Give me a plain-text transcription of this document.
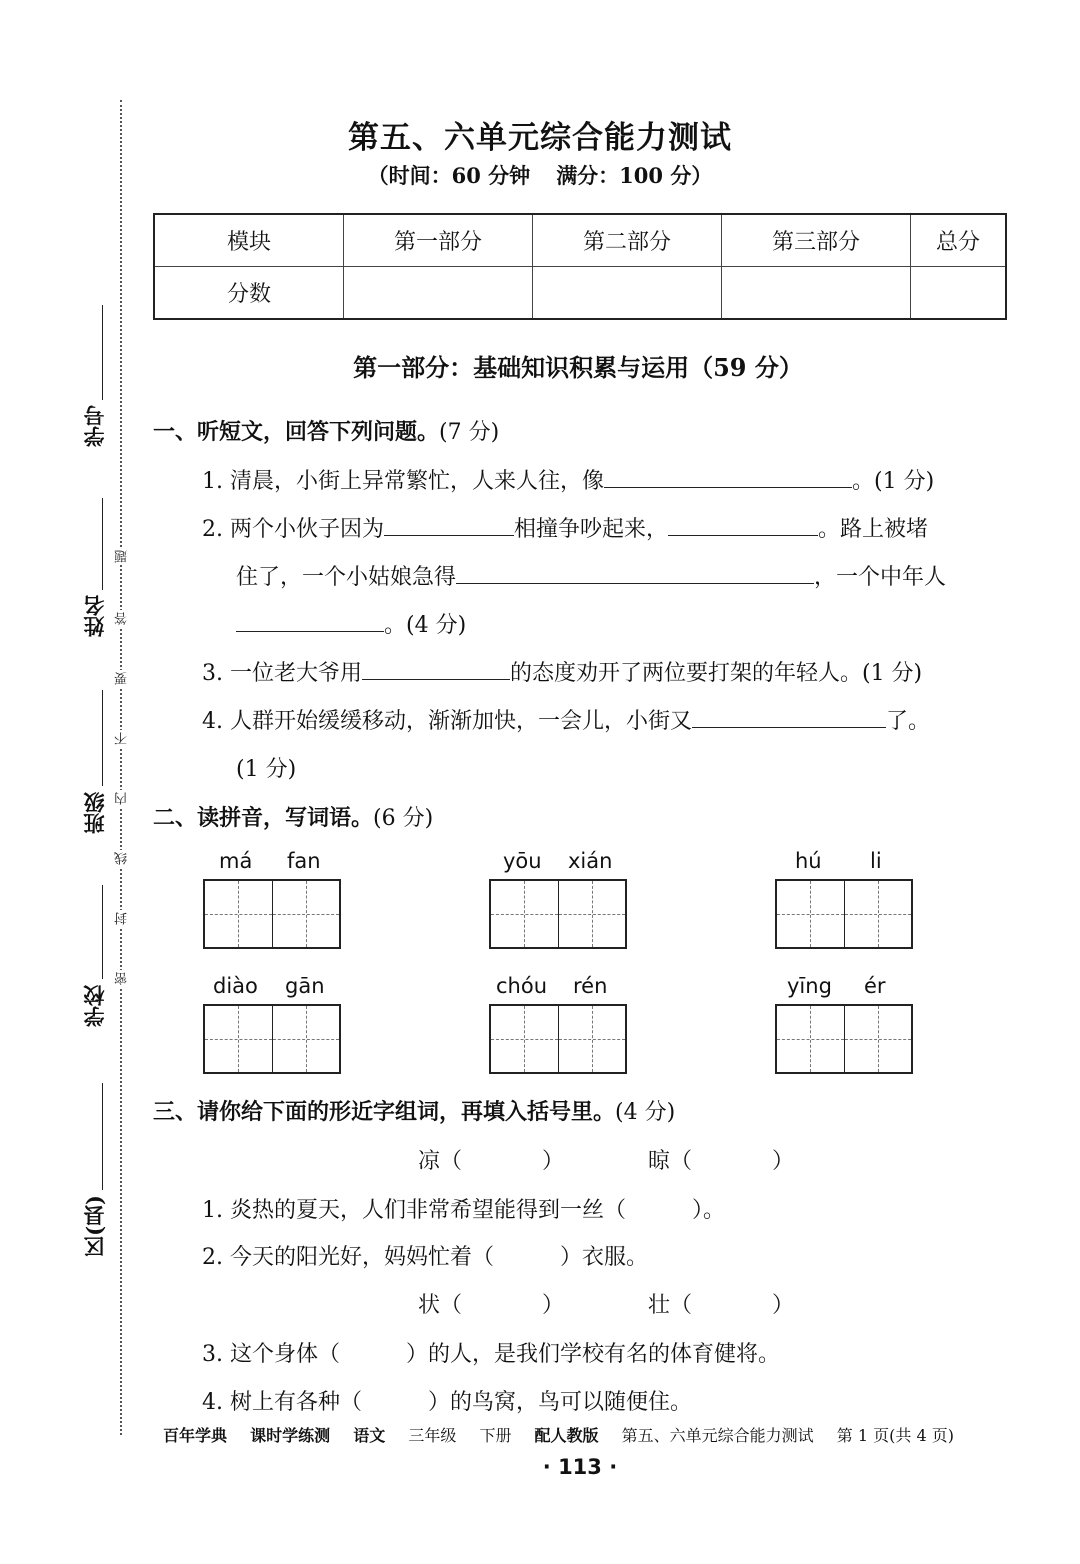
学号
姓名
班级
学校
区(县)
题
答
要
不
内
线
封
密
第五、六单元综合能力测试
（时间：60 分钟 满分：100 分）
模块	第一部分	第二部分	第三部分	总分
分数				
第一部分：基础知识积累与运用（59 分）
一、听短文，回答下列问题。(7 分)
1. 清晨，小街上异常繁忙，人来人往，像	。(1 分)
2. 两个小伙子因为	相撞争吵起来，	。路上被堵
住了，一个小姑娘急得	，一个中年人
。(4 分)
3. 一位老大爷用	的态度劝开了两位要打架的年轻人。(1 分)
4. 人群开始缓缓移动，渐渐加快，一会儿，小街又	了。
(1 分)
二、读拼音，写词语。(6 分)
má fan	yōu xián	hú li
diào gān	chóu rén	yīng ér
三、请你给下面的形近字组词，再填入括号里。(4 分)
凉（	）	晾（	）
1. 炎热的夏天，人们非常希望能得到一丝（　　　）。
2. 今天的阳光好，妈妈忙着（　　　）衣服。
状（	）	壮（	）
3. 这个身体（　　　）的人，是我们学校有名的体育健将。
4. 树上有各种（　　　）的鸟窝，鸟可以随便住。
百年学典 课时学练测 语文 三年级 下册 配人教版 第五、六单元综合能力测试 第 1 页(共 4 页)
· 113 ·
